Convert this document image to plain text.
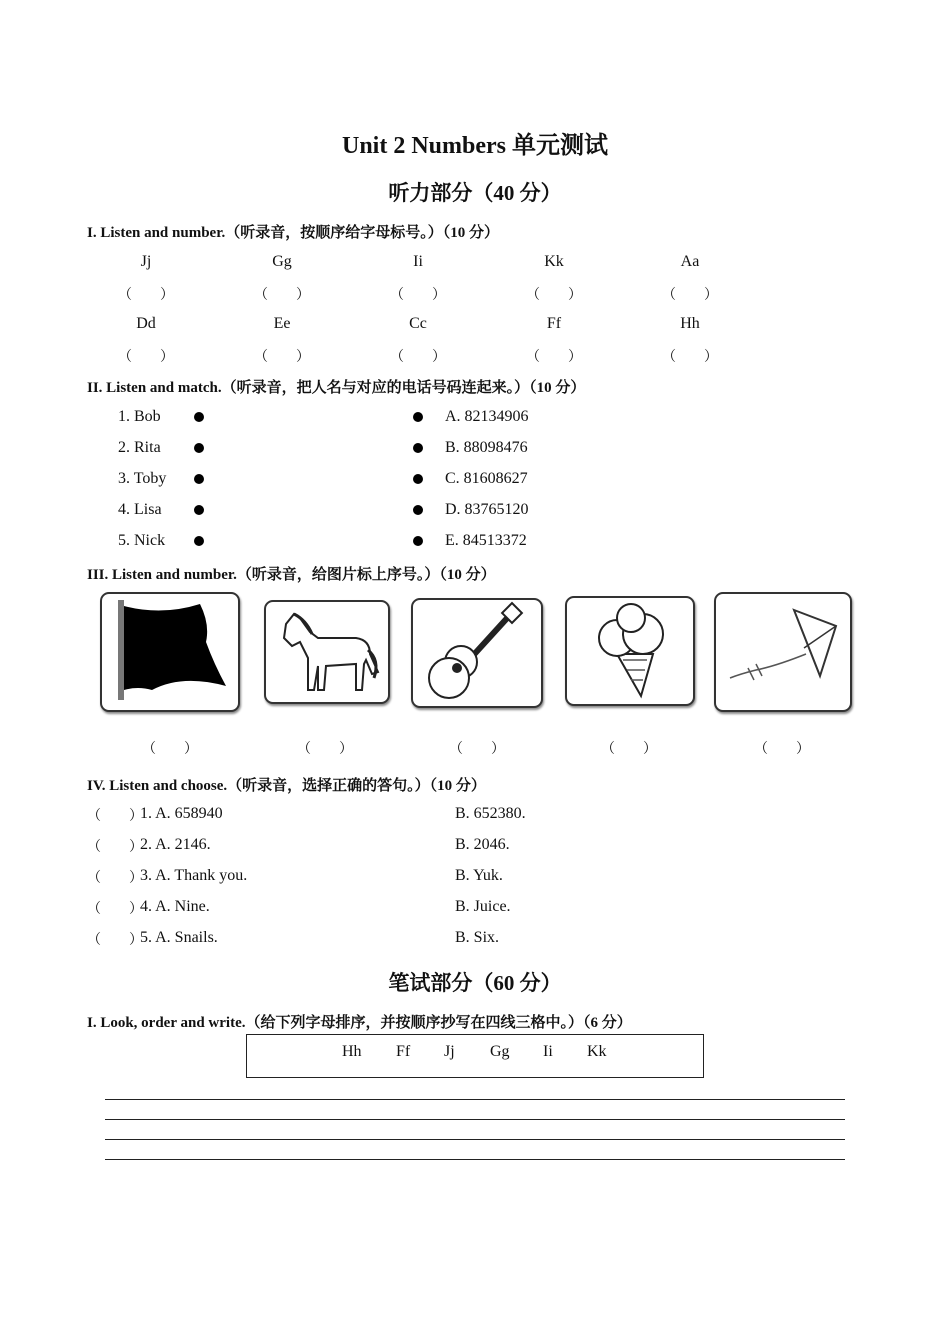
Unit 2 Numbers 单元测试
听力部分（40 分）
I. Listen and number.（听录音，按顺序给字母标号。）（10 分）
Jj	Gg	Ii	Kk	Aa
（　　）	（　　）	（　　）	（　　）	（　　）
Dd	Ee	Cc	Ff	Hh
（　　）	（　　）	（　　）	（　　）	（　　）
II. Listen and match.（听录音，把人名与对应的电话号码连起来。）（10 分）
1. Bob
2. Rita
3. Toby
4. Lisa
5. Nick
A. 82134906
B. 88098476
C. 81608627
D. 83765120
E. 84513372
III. Listen and number.（听录音，给图片标上序号。）（10 分）
（　　）	（　　）	（　　）	（　　）	（　　）
IV. Listen and choose.（听录音，选择正确的答句。）（10 分）
（　　）
1. A. 658940	B. 652380.
（　　）
2. A. 2146.	B. 2046.
（　　）
3. A. Thank you.	B. Yuk.
（　　）
4. A. Nine.	B. Juice.
（　　）
5. A. Snails.	B. Six.
笔试部分（60 分）
I. Look, order and write.（给下列字母排序，并按顺序抄写在四线三格中。）（6 分）
Hh Ff Jj Gg Ii Kk
